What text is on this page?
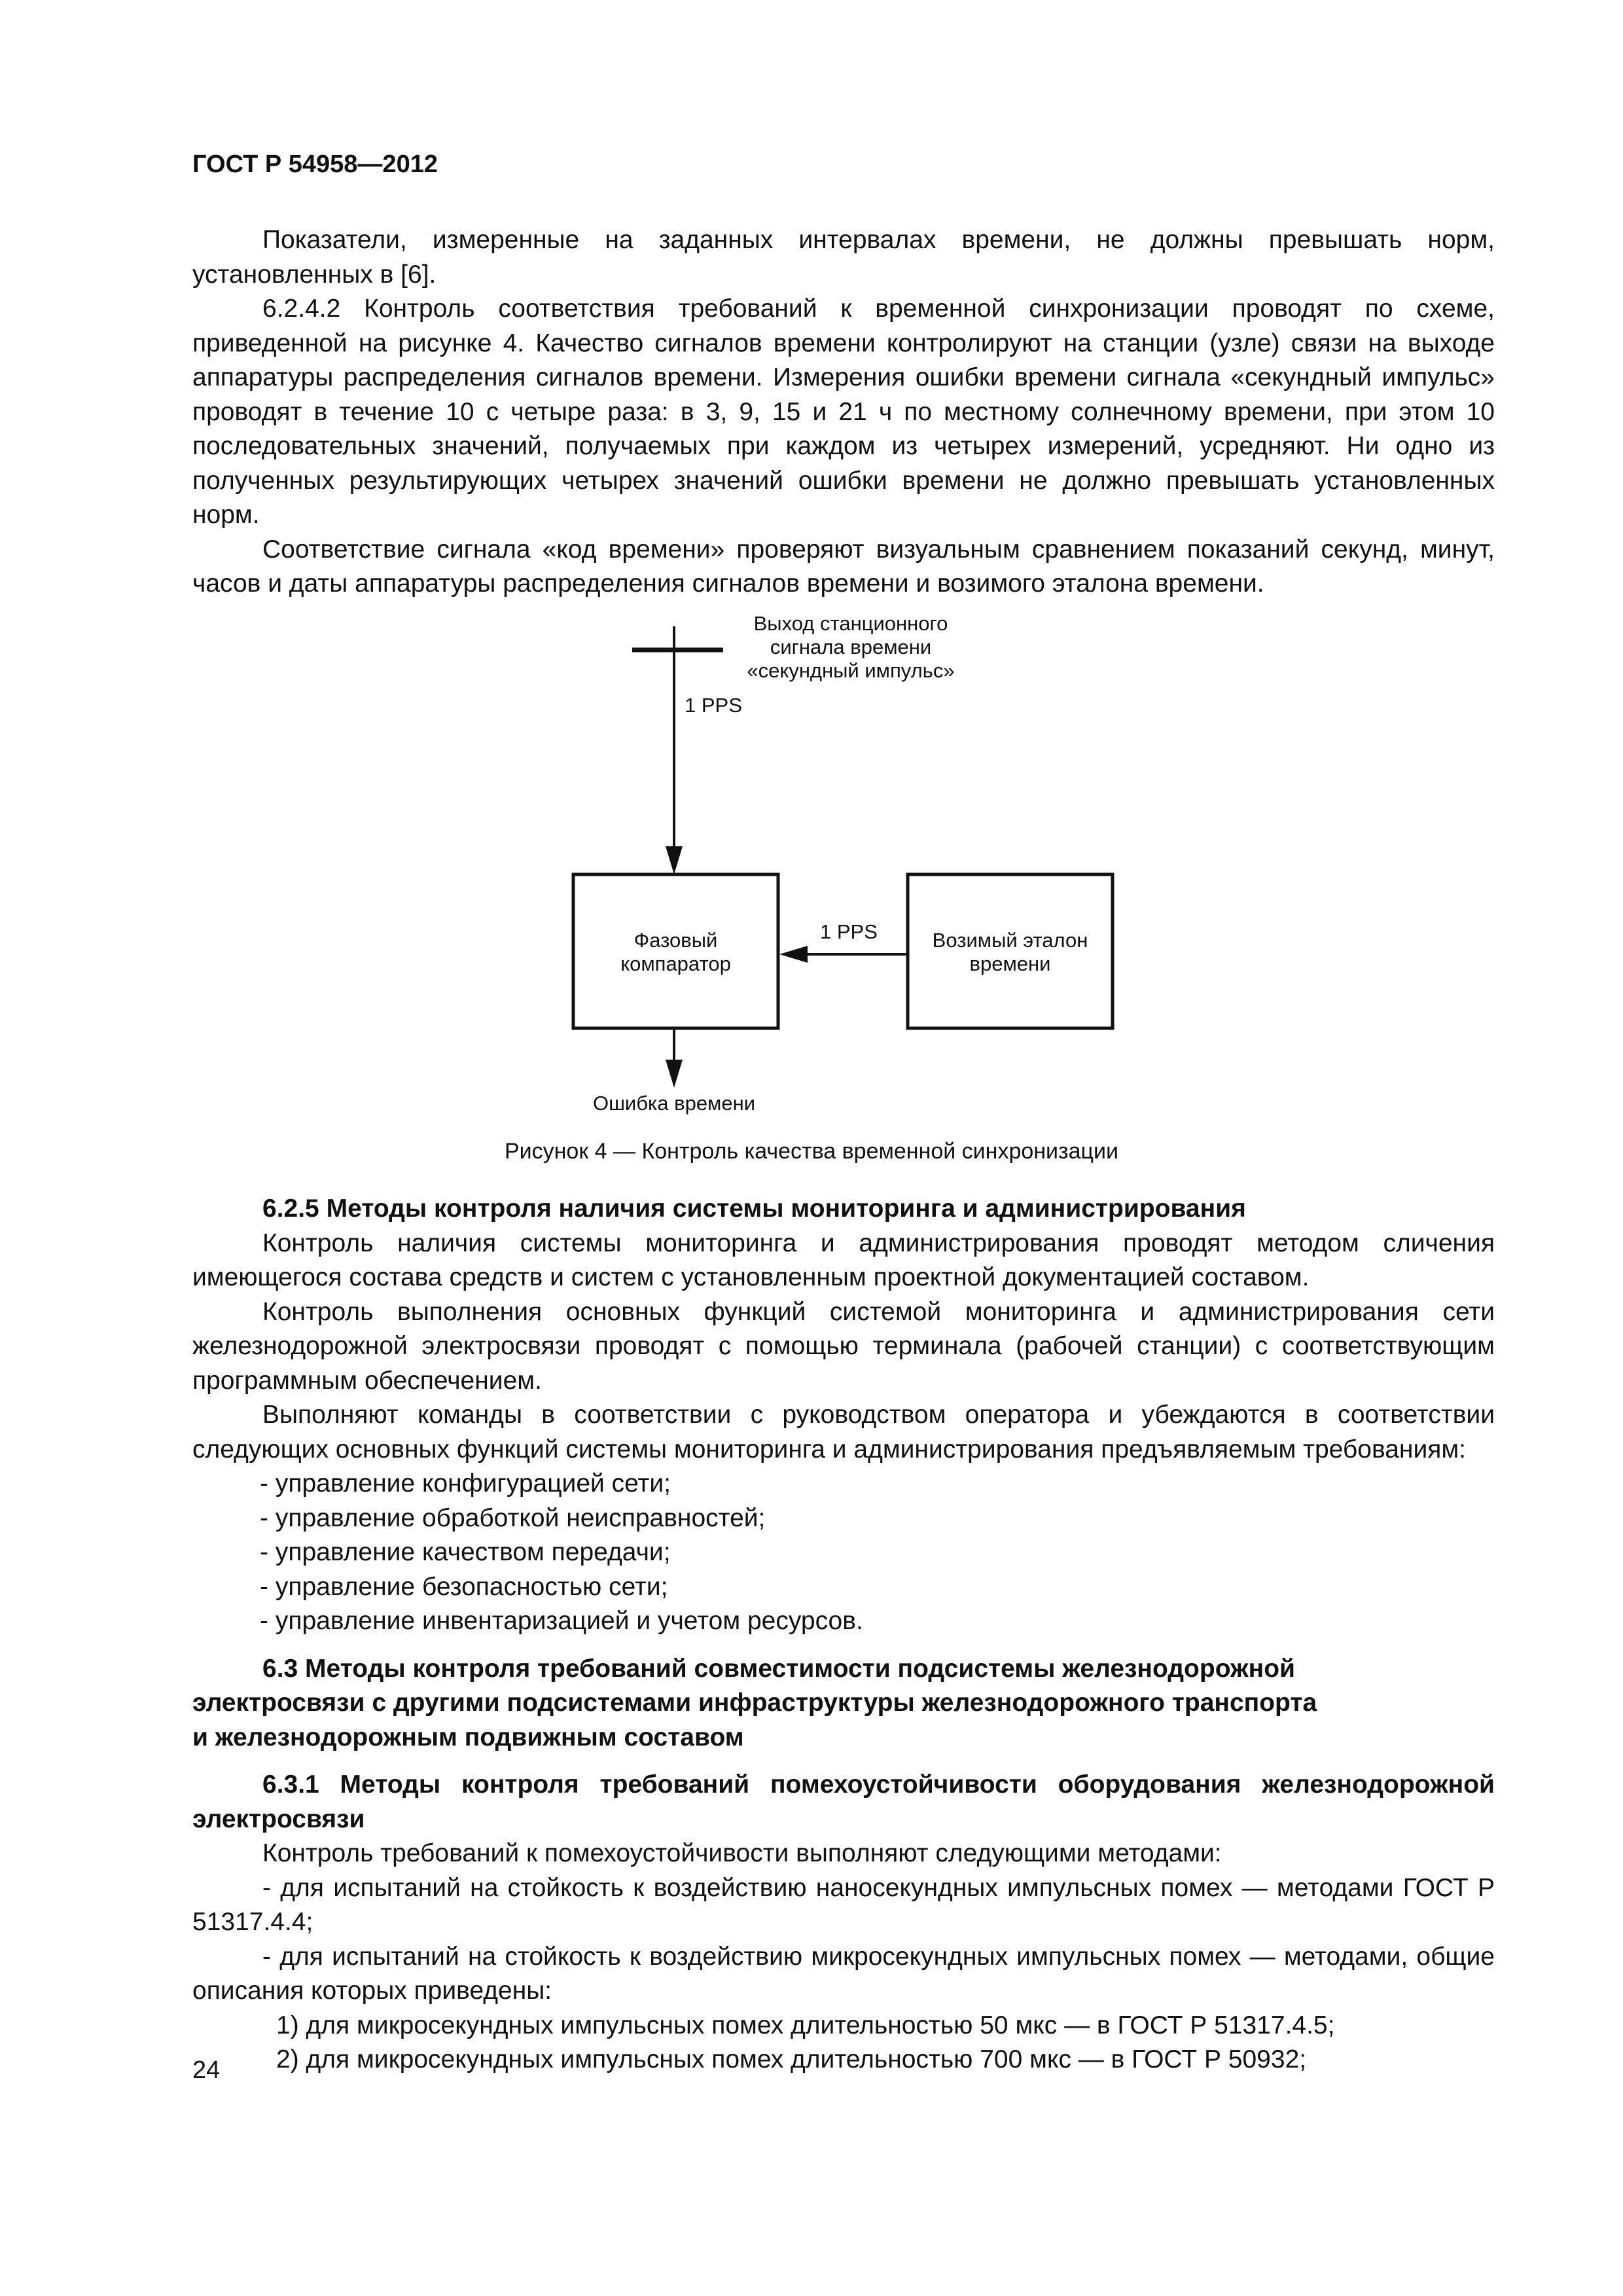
ГОСТ Р 54958—2012

Показатели, измеренные на заданных интервалах времени, не должны превышать норм, установленных в [6].

6.2.4.2 Контроль соответствия требований к временной синхронизации проводят по схеме, приведенной на рисунке 4. Качество сигналов времени контролируют на станции (узле) связи на выходе аппаратуры распределения сигналов времени. Измерения ошибки времени сигнала «секундный импульс» проводят в течение 10 с четыре раза: в 3, 9, 15 и 21 ч по местному солнечному времени, при этом 10 последовательных значений, получаемых при каждом из четырех измерений, усредняют. Ни одно из полученных результирующих четырех значений ошибки времени не должно превышать установленных норм.

Соответствие сигнала «код времени» проверяют визуальным сравнением показаний секунд, минут, часов и даты аппаратуры распределения сигналов времени и возимого эталона времени.

Выход станционного
сигнала времени
«секундный импульс»
1 PPS
Фазовый
компаратор
1 PPS	Возимый эталон
времени
Ошибка времени
Рисунок 4 — Контроль качества временной синхронизации

6.2.5 Методы контроля наличия системы мониторинга и администрирования

Контроль наличия системы мониторинга и администрирования проводят методом сличения имеющегося состава средств и систем с установленным проектной документацией составом.

Контроль выполнения основных функций системой мониторинга и администрирования сети железнодорожной электросвязи проводят с помощью терминала (рабочей станции) с соответствующим программным обеспечением.

Выполняют команды в соответствии с руководством оператора и убеждаются в соответствии следующих основных функций системы мониторинга и администрирования предъявляемым требованиям:

- управление конфигурацией сети;

- управление обработкой неисправностей;

- управление качеством передачи;

- управление безопасностью сети;

- управление инвентаризацией и учетом ресурсов.

6.3 Методы контроля требований совместимости подсистемы железнодорожной

электросвязи с другими подсистемами инфраструктуры железнодорожного транспорта

и железнодорожным подвижным составом

6.3.1 Методы контроля требований помехоустойчивости оборудования железнодорожной электросвязи

Контроль требований к помехоустойчивости выполняют следующими методами:

- для испытаний на стойкость к воздействию наносекундных импульсных помех — методами ГОСТ Р 51317.4.4;

- для испытаний на стойкость к воздействию микросекундных импульсных помех — методами, общие описания которых приведены:

1) для микросекундных импульсных помех длительностью 50 мкс — в ГОСТ Р 51317.4.5;

2) для микросекундных импульсных помех длительностью 700 мкс — в ГОСТ Р 50932;

24
